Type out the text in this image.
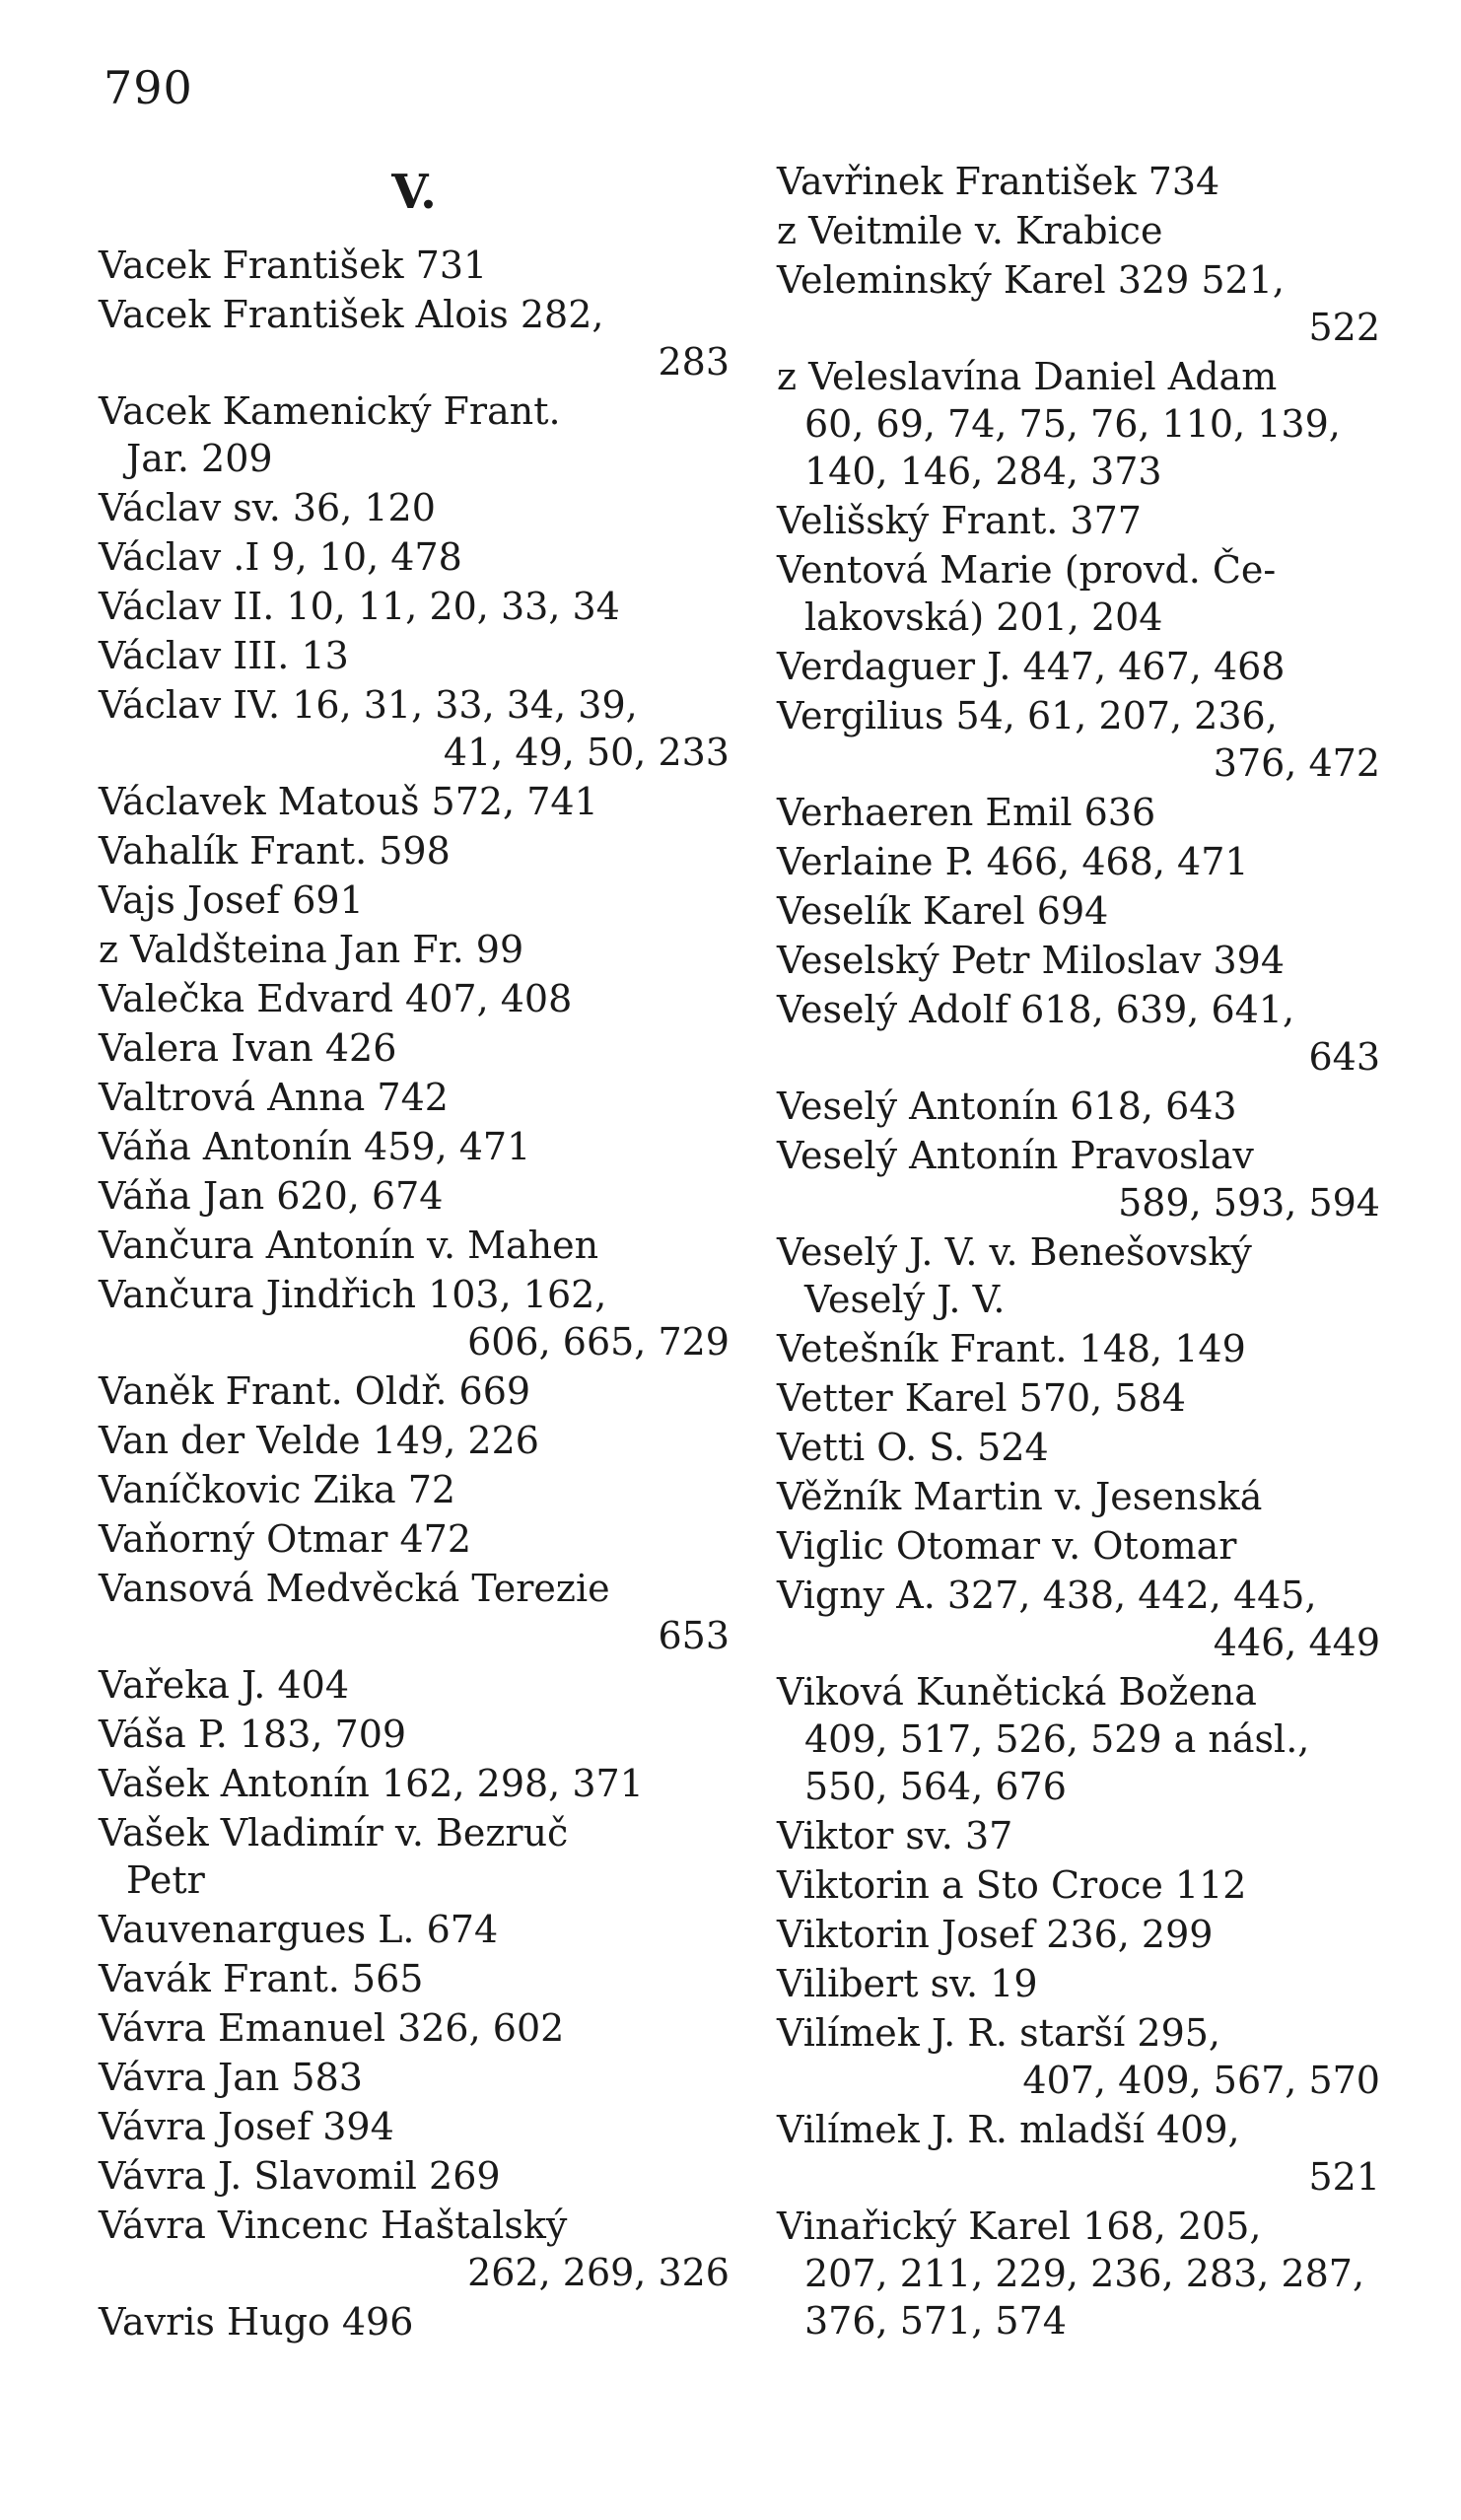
790
V.
Vacek František 731
Vacek František Alois 282,
283
Vacek Kamenický Frant.
Jar. 209
Václav sv. 36, 120
Václav .I 9, 10, 478
Václav II. 10, 11, 20, 33, 34
Václav III. 13
Václav IV. 16, 31, 33, 34, 39,
41, 49, 50, 233
Václavek Matouš 572, 741
Vahalík Frant. 598
Vajs Josef 691
z Valdšteina Jan Fr. 99
Valečka Edvard 407, 408
Valera Ivan 426
Valtrová Anna 742
Váňa Antonín 459, 471
Váňa Jan 620, 674
Vančura Antonín v. Mahen
Vančura Jindřich 103, 162,
606, 665, 729
Vaněk Frant. Oldř. 669
Van der Velde 149, 226
Vaníčkovic Zika 72
Vaňorný Otmar 472
Vansová Medvěcká Terezie
653
Vařeka J. 404
Váša P. 183, 709
Vašek Antonín 162, 298, 371
Vašek Vladimír v. Bezruč
Petr
Vauvenargues L. 674
Vavák Frant. 565
Vávra Emanuel 326, 602
Vávra Jan 583
Vávra Josef 394
Vávra J. Slavomil 269
Vávra Vincenc Haštalský
262, 269, 326
Vavris Hugo 496
Vavřinek František 734
z Veitmile v. Krabice
Veleminský Karel 329 521,
522
z Veleslavína Daniel Adam
60, 69, 74, 75, 76, 110, 139,
140, 146, 284, 373
Velišský Frant. 377
Ventová Marie (provd. Če-
lakovská) 201, 204
Verdaguer J. 447, 467, 468
Vergilius 54, 61, 207, 236,
376, 472
Verhaeren Emil 636
Verlaine P. 466, 468, 471
Veselík Karel 694
Veselský Petr Miloslav 394
Veselý Adolf 618, 639, 641,
643
Veselý Antonín 618, 643
Veselý Antonín Pravoslav
589, 593, 594
Veselý J. V. v. Benešovský
Veselý J. V.
Vetešník Frant. 148, 149
Vetter Karel 570, 584
Vetti O. S. 524
Věžník Martin v. Jesenská
Viglic Otomar v. Otomar
Vigny A. 327, 438, 442, 445,
446, 449
Viková Kunětická Božena
409, 517, 526, 529 a násl.,
550, 564, 676
Viktor sv. 37
Viktorin a Sto Croce 112
Viktorin Josef 236, 299
Vilibert sv. 19
Vilímek J. R. starší 295,
407, 409, 567, 570
Vilímek J. R. mladší 409,
521
Vinařický Karel 168, 205,
207, 211, 229, 236, 283, 287,
376, 571, 574
